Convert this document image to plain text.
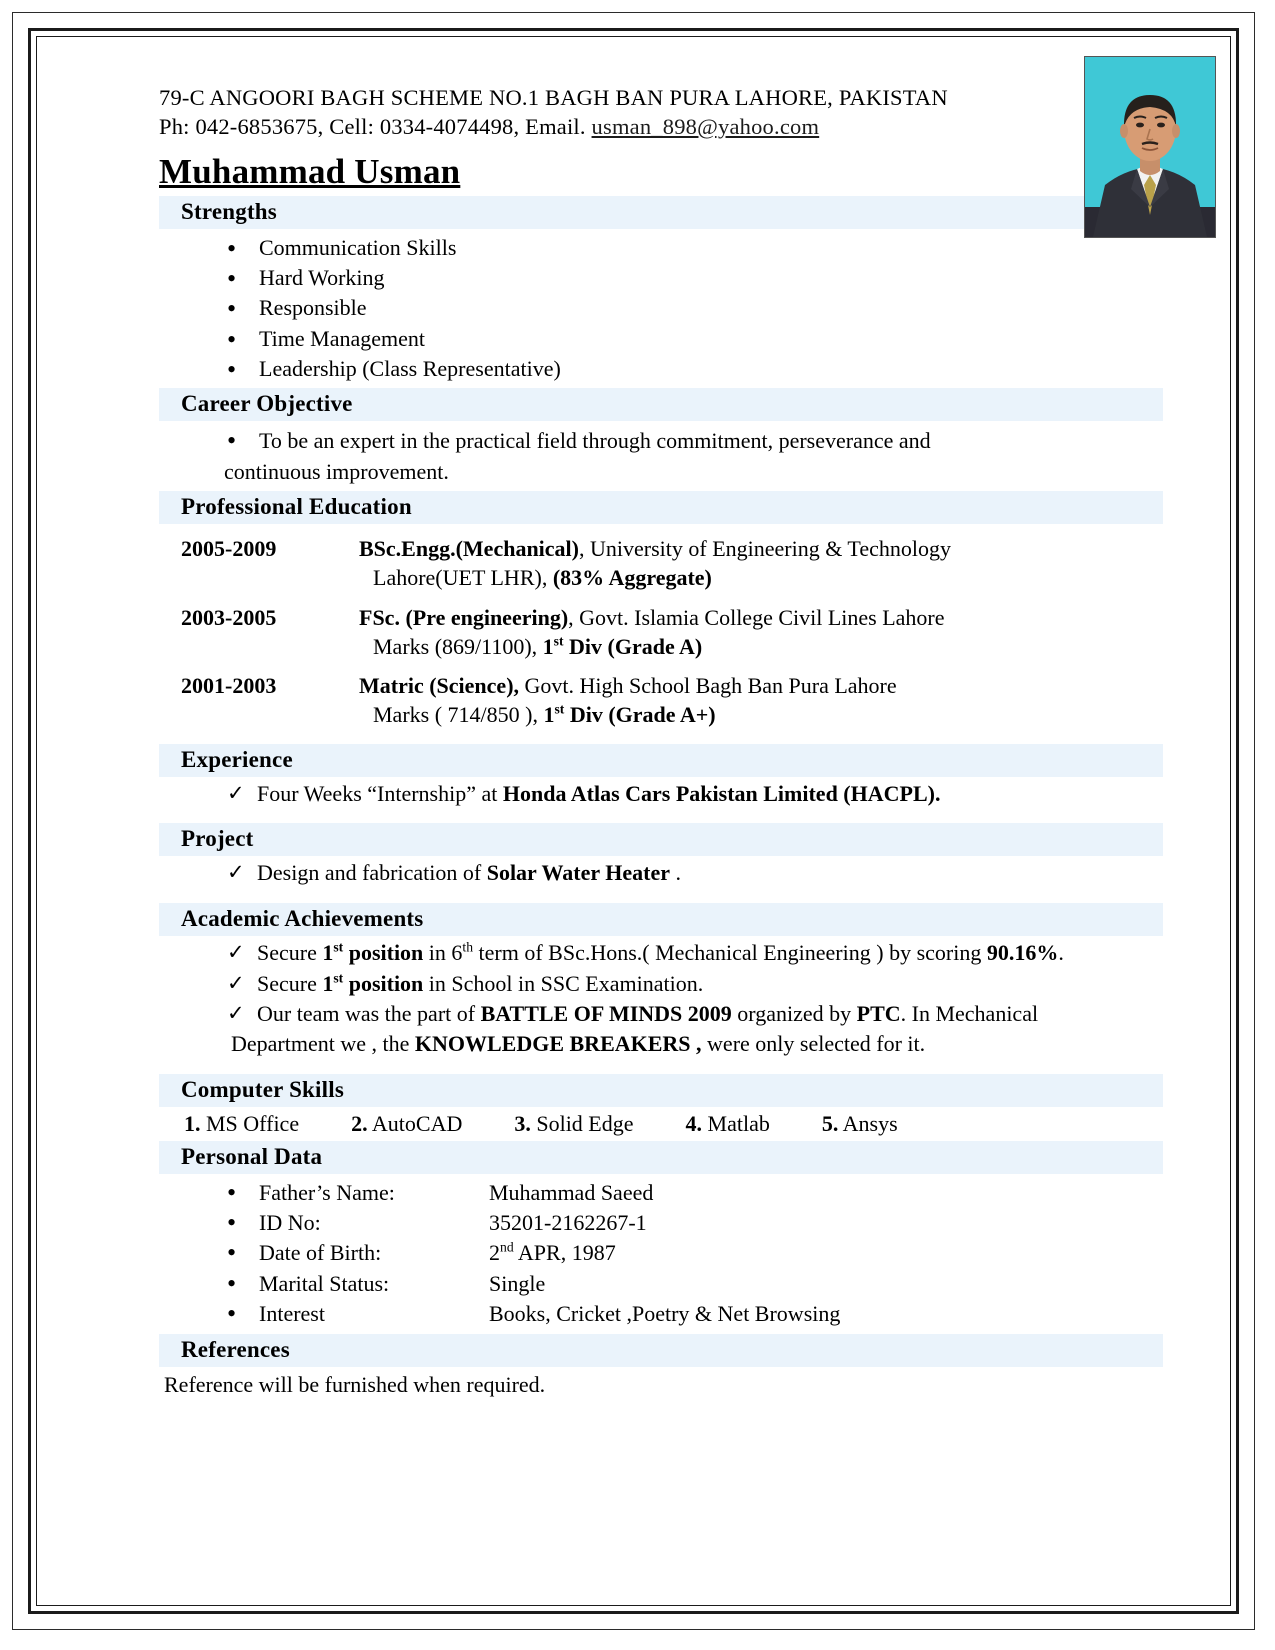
79-C ANGOORI BAGH SCHEME NO.1 BAGH BAN PURA LAHORE, PAKISTAN
Ph: 042-6853675, Cell: 0334-4074498, Email. usman_898@yahoo.com
Muhammad Usman
Strengths
• Communication Skills
• Hard Working
• Responsible
• Time Management
• Leadership (Class Representative)
Career Objective
• To be an expert in the practical field through commitment, perseverance and
continuous improvement.
Professional Education
2005-2009	BSc.Engg.(Mechanical), University of Engineering & Technology
Lahore(UET LHR), (83% Aggregate)
2003-2005	FSc. (Pre engineering), Govt. Islamia College Civil Lines Lahore
Marks (869/1100), 1st Div (Grade A)
2001-2003	Matric (Science), Govt. High School Bagh Ban Pura Lahore
Marks ( 714/850 ), 1st Div (Grade A+)
Experience
✓ Four Weeks “Internship” at Honda Atlas Cars Pakistan Limited (HACPL).
Project
✓ Design and fabrication of Solar Water Heater .
Academic Achievements
✓ Secure 1st position in 6th term of BSc.Hons.( Mechanical Engineering ) by scoring 90.16%.
✓ Secure 1st position in School in SSC Examination.
✓ Our team was the part of BATTLE OF MINDS 2009 organized by PTC. In Mechanical
Department we , the KNOWLEDGE BREAKERS , were only selected for it.
Computer Skills
1. MS Office 2. AutoCAD 3. Solid Edge 4. Matlab 5. Ansys
Personal Data
• Father’s Name:	Muhammad Saeed
• ID No:	35201-2162267-1
• Date of Birth:	2nd APR, 1987
• Marital Status:	Single
• Interest	Books, Cricket ,Poetry & Net Browsing
References
Reference will be furnished when required.
